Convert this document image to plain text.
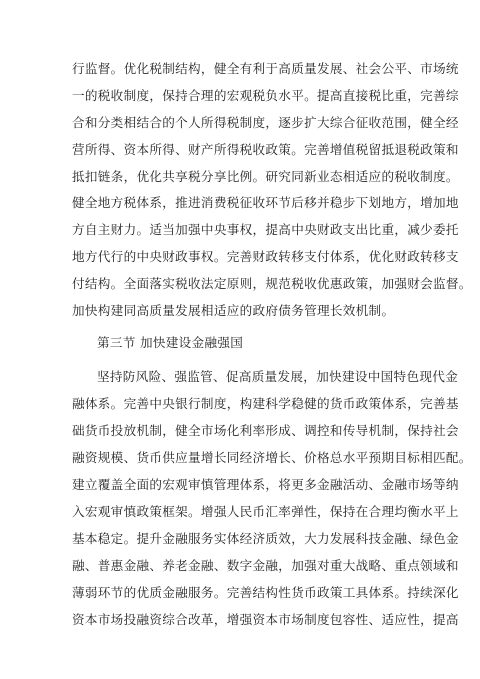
行监督。优化税制结构，健全有利于高质量发展、社会公平、市场统
一的税收制度，保持合理的宏观税负水平。提高直接税比重，完善综
合和分类相结合的个人所得税制度，逐步扩大综合征收范围，健全经
营所得、资本所得、财产所得税收政策。完善增值税留抵退税政策和
抵扣链条，优化共享税分享比例。研究同新业态相适应的税收制度。
健全地方税体系，推进消费税征收环节后移并稳步下划地方，增加地
方自主财力。适当加强中央事权，提高中央财政支出比重，减少委托
地方代行的中央财政事权。完善财政转移支付体系，优化财政转移支
付结构。全面落实税收法定原则，规范税收优惠政策，加强财会监督。
加快构建同高质量发展相适应的政府债务管理长效机制。
第三节 加快建设金融强国
坚持防风险、强监管、促高质量发展，加快建设中国特色现代金
融体系。完善中央银行制度，构建科学稳健的货币政策体系，完善基
础货币投放机制，健全市场化利率形成、调控和传导机制，保持社会
融资规模、货币供应量增长同经济增长、价格总水平预期目标相匹配。
建立覆盖全面的宏观审慎管理体系，将更多金融活动、金融市场等纳
入宏观审慎政策框架。增强人民币汇率弹性，保持在合理均衡水平上
基本稳定。提升金融服务实体经济质效，大力发展科技金融、绿色金
融、普惠金融、养老金融、数字金融，加强对重大战略、重点领域和
薄弱环节的优质金融服务。完善结构性货币政策工具体系。持续深化
资本市场投融资综合改革，增强资本市场制度包容性、适应性，提高
